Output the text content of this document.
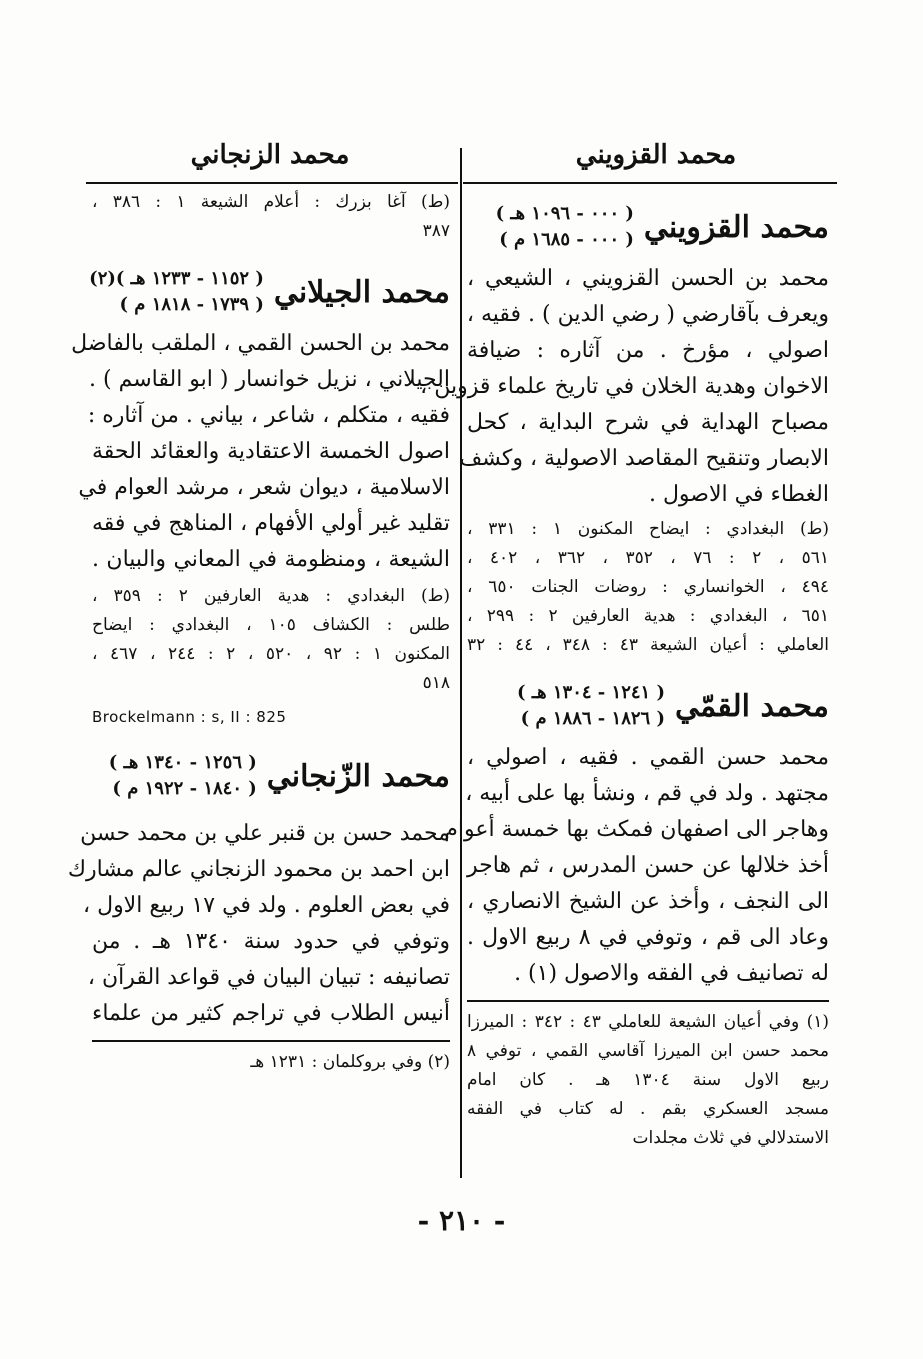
محمد القزويني
محمد الزنجاني
محمد القزويني
( ٠٠٠ - ١٠٩٦ هـ )
( ٠٠٠ - ١٦٨٥ م )
محمد بن الحسن القزويني ، الشيعي ،
ويعرف بآقارضي ( رضي الدين ) . فقيه ،
اصولي ، مؤرخ . من آثاره : ضيافة
الاخوان وهدية الخلان في تاريخ علماء قزوين ،
مصباح الهداية في شرح البداية ، كحل
الابصار وتنقيح المقاصد الاصولية ، وكشف
الغطاء في الاصول .
(ط) البغدادي : ايضاح المكنون ١ : ٣٣١ ،
٥٦١ ، ٢ : ٧٦ ، ٣٥٢ ، ٣٦٢ ، ٤٠٢ ،
٤٩٤ ، الخوانساري : روضات الجنات ٦٥٠ ،
٦٥١ ، البغدادي : هدية العارفين ٢ : ٢٩٩ ،
العاملي : أعيان الشيعة ٤٣ : ٣٤٨ ، ٤٤ : ٣٢
محمد القمّي
( ١٢٤١ - ١٣٠٤ هـ )
( ١٨٢٦ - ١٨٨٦ م )
محمد حسن القمي . فقيه ، اصولي ،
مجتهد . ولد في قم ، ونشأ بها على أبيه ،
وهاجر الى اصفهان فمكث بها خمسة أعوام
أخذ خلالها عن حسن المدرس ، ثم هاجر
الى النجف ، وأخذ عن الشيخ الانصاري ،
وعاد الى قم ، وتوفي في ٨ ربيع الاول .
له تصانيف في الفقه والاصول (١) .
(١) وفي أعيان الشيعة للعاملي ٤٣ : ٣٤٢ : الميرزا
محمد حسن ابن الميرزا آقاسي القمي ، توفي ٨
ربيع الاول سنة ١٣٠٤ هـ . كان امام
مسجد العسكري بقم . له كتاب في الفقه
الاستدلالي في ثلاث مجلدات
(ط) آغا بزرك : أعلام الشيعة ١ : ٣٨٦ ،
٣٨٧
محمد الجيلاني
( ١١٥٢ - ١٢٣٣ هـ )(٢)
( ١٧٣٩ - ١٨١٨ م )
محمد بن الحسن القمي ، الملقب بالفاضل
الجيلاني ، نزيل خوانسار ( ابو القاسم ) .
فقيه ، متكلم ، شاعر ، بياني . من آثاره :
اصول الخمسة الاعتقادية والعقائد الحقة
الاسلامية ، ديوان شعر ، مرشد العوام في
تقليد غير أولي الأفهام ، المناهج في فقه
الشيعة ، ومنظومة في المعاني والبيان .
(ط) البغدادي : هدية العارفين ٢ : ٣٥٩ ،
طلس : الكشاف ١٠٥ ، البغدادي : ايضاح
المكنون ١ : ٩٢ ، ٥٢٠ ، ٢ : ٢٤٤ ، ٤٦٧ ،
٥١٨
Brockelmann : s, II : 825
محمد الزّنجاني
( ١٢٥٦ - ١٣٤٠ هـ )
( ١٨٤٠ - ١٩٢٢ م )
محمد حسن بن قنبر علي بن محمد حسن
ابن احمد بن محمود الزنجاني عالم مشارك
في بعض العلوم . ولد في ١٧ ربيع الاول ،
وتوفي في حدود سنة ١٣٤٠ هـ . من
تصانيفه : تبيان البيان في قواعد القرآن ،
أنيس الطلاب في تراجم كثير من علماء
(٢) وفي بروكلمان : ١٢٣١ هـ
- ٢١٠ -
